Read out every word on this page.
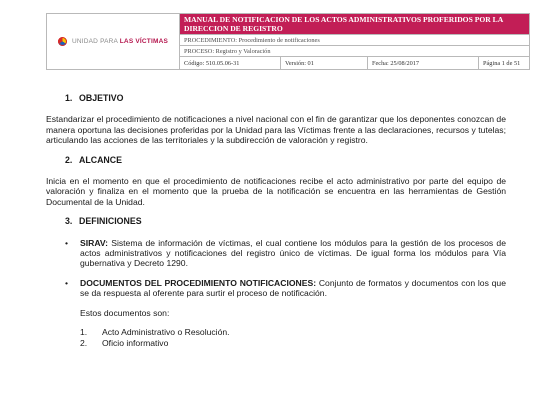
UNIDAD PARA LAS VÍCTIMAS	MANUAL DE NOTIFICACION DE LOS ACTOS ADMINISTRATIVOS PROFERIDOS POR LA DIRECCION DE REGISTRO			
	PROCEDIMIENTO: Procedimiento de notificaciones			
	PROCESO: Registro y Valoración			
	Código: 510.05.06-31	Versión: 01	Fecha: 25/08/2017	Página 1 de 51

1. OBJETIVO

Estandarizar el procedimiento de notificaciones a nivel nacional con el fin de garantizar que los deponentes conozcan de manera oportuna las decisiones proferidas por la Unidad para las Víctimas frente a las declaraciones, recursos y tutelas; articulando las acciones de las territoriales y la subdirección de valoración y registro.

2. ALCANCE

Inicia en el momento en que el procedimiento de notificaciones recibe el acto administrativo por parte del equipo de valoración y finaliza en el momento que la prueba de la notificación se encuentra en las herramientas de Gestión Documental de la Unidad.

3. DEFINICIONES

• SIRAV: Sistema de información de víctimas, el cual contiene los módulos para la gestión de los procesos de actos administrativos y notificaciones del registro único de víctimas. De igual forma los módulos para Vía gubernativa y Decreto 1290.

• DOCUMENTOS DEL PROCEDIMIENTO NOTIFICACIONES: Conjunto de formatos y documentos con los que se da respuesta al oferente para surtir el proceso de notificación.

Estos documentos son:

1.	Acto Administrativo o Resolución.
2.	Oficio informativo
